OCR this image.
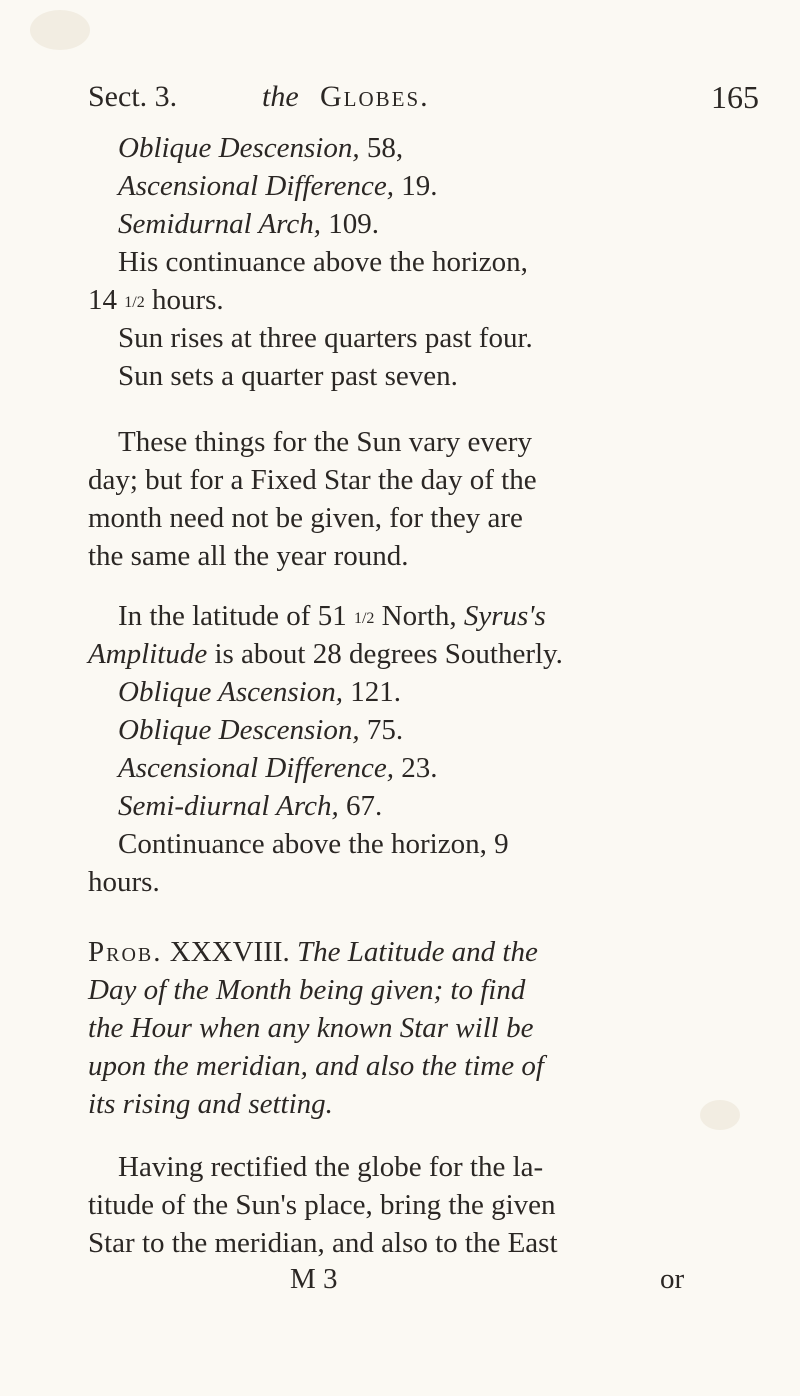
Sect. 3.	the Globes.	165
Oblique Descension, 58,
Ascensional Difference, 19.
Semidurnal Arch, 109.
His continuance above the horizon,
14 1/2 hours.
Sun rises at three quarters past four.
Sun sets a quarter past seven.
These things for the Sun vary every
day; but for a Fixed Star the day of the
month need not be given, for they are
the same all the year round.
In the latitude of 51 1/2 North, Syrus's
Amplitude is about 28 degrees Southerly.
Oblique Ascension, 121.
Oblique Descension, 75.
Ascensional Difference, 23.
Semi-diurnal Arch, 67.
Continuance above the horizon, 9
hours.
Prob. XXXVIII. The Latitude and the
Day of the Month being given; to find
the Hour when any known Star will be
upon the meridian, and also the time of
its rising and setting.
Having rectified the globe for the la-
titude of the Sun's place, bring the given
Star to the meridian, and also to the East
M 3	or
